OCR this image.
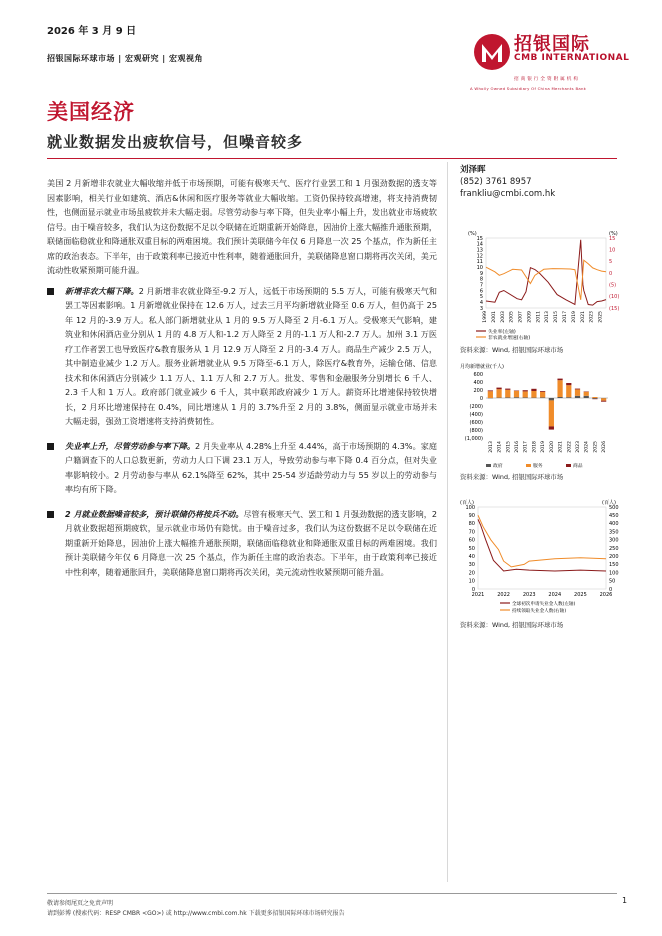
2026 年 3 月 9 日
招银国际环球市场 | 宏观研究 | 宏观视角
招银国际
CMB INTERNATIONAL
招商银行全资附属机构
A Wholly Owned Subsidiary Of China Merchants Bank
美国经济
就业数据发出疲软信号，但噪音较多
刘泽晖
(852) 3761 8957
frankliu@cmbi.com.hk

美国 2 月新增非农就业大幅收缩并低于市场预期，可能有极寒天气、医疗行业罢工和 1 月强劲数据的透支等因素影响，相关行业如建筑、酒店&休闲和医疗服务等就业大幅收缩。工资仍保持较高增速，将支持消费韧性，也侧面显示就业市场虽疲软并未大幅走弱。尽管劳动参与率下降，但失业率小幅上升，发出就业市场疲软信号。由于噪音较多，我们认为这份数据不足以令联储在近期重新开始降息，因油价上涨大幅推升通胀预期，联储面临稳就业和降通胀双重目标的两难困境。我们预计美联储今年仅 6 月降息一次 25 个基点，作为新任主席的政治表态。下半年，由于政策利率已接近中性利率，随着通胀回升，美联储降息窗口期将再次关闭，美元流动性收紧预期可能升温。

新增非农大幅下降。2 月新增非农就业降至-9.2 万人，远低于市场预期的 5.5 万人，可能有极寒天气和罢工等因素影响。1 月新增就业保持在 12.6 万人，过去三月平均新增就业降至 0.6 万人，但仍高于 25 年 12 月的-3.9 万人。私人部门新增就业从 1 月的 9.5 万人降至 2 月-6.1 万人。受极寒天气影响，建筑业和休闲酒店业分别从 1 月的 4.8 万人和-1.2 万人降至 2 月的-1.1 万人和-2.7 万人。加州 3.1 万医疗工作者罢工也导致医疗&教育服务从 1 月 12.9 万人降至 2 月的-3.4 万人。商品生产减少 2.5 万人，其中制造业减少 1.2 万人。服务业新增就业从 9.5 万降至-6.1 万人，除医疗&教育外，运输仓储、信息技术和休闲酒店分别减少 1.1 万人、1.1 万人和 2.7 万人。批发、零售和金融服务分别增长 6 千人、2.3 千人和 1 万人。政府部门就业减少 6 千人，其中联邦政府减少 1 万人。薪资环比增速保持较快增长，2 月环比增速保持在 0.4%，同比增速从 1 月的 3.7%升至 2 月的 3.8%，侧面显示就业市场并未大幅走弱，强劲工资增速将支持消费韧性。

失业率上升，尽管劳动参与率下降。2 月失业率从 4.28%上升至 4.44%，高于市场预期的 4.3%。家庭户籍调查下的人口总数更新，劳动力人口下调 23.1 万人，导致劳动参与率下降 0.4 百分点，但对失业率影响较小。2 月劳动参与率从 62.1%降至 62%，其中 25-54 岁适龄劳动力与 55 岁以上的劳动参与率均有所下降。

2 月就业数据噪音较多，预计联储仍将按兵不动。尽管有极寒天气、罢工和 1 月强劲数据的透支影响，2 月就业数据超预期疲软，显示就业市场仍有隐忧。由于噪音过多，我们认为这份数据不足以令联储在近期重新开始降息，因油价上涨大幅推升通胀预期，联储面临稳就业和降通胀双重目标的两难困境。我们预计美联储今年仅 6 月降息一次 25 个基点，作为新任主席的政治表态。下半年，由于政策利率已接近中性利率，随着通胀回升，美联储降息窗口期将再次关闭，美元流动性收紧预期可能升温。

(%)	(%)
15
14
13
12
11
10
9
8
7
6
5
4
3
15
10
5
0
(5)
(10)
(15)
1999 2001 2003 2005 2007 2009 2011 2013 2015 2017 2019 2021 2023 2025
失业率(左轴)
非农就业增速(右轴)
资料来源：Wind, 招银国际环球市场
月均新增就业(千人)
600
400
200
0
(200)
(400)
(600)
(800)
(1,000)
2013 2014 2015 2016 2017 2018 2019 2020 2021 2022 2023 2024 2025 2026
政府	服务	商品
资料来源：Wind, 招银国际环球市场
(百人)	(百人)
100
90
80
70
60
50
40
30
20
10
0
500
450
400
350
300
250
200
150
100
50
0
2021	2022	2023	2024	2025	2026
全球初次申请失业金人数(左轴)
持续领取失业金人数(右轴)
资料来源：Wind, 招银国际环球市场
敬请参阅尾页之免责声明
请到彭博 (搜索代码：RESP CMBR <GO>) 或 http://www.cmbi.com.hk 下载更多招银国际环球市场研究报告
1
